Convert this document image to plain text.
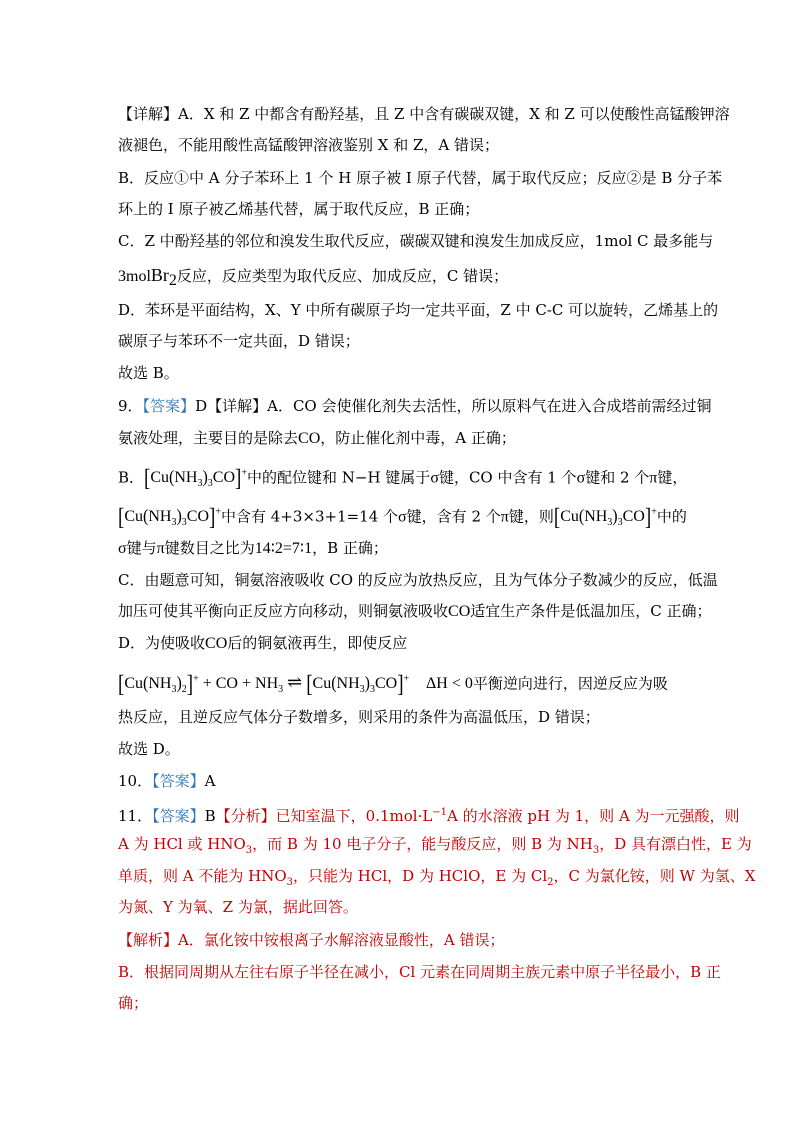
【详解】A．X 和 Z 中都含有酚羟基，且 Z 中含有碳碳双键，X 和 Z 可以使酸性高锰酸钾溶
液褪色，不能用酸性高锰酸钾溶液鉴别 X 和 Z，A 错误；
B．反应①中 A 分子苯环上 1 个 H 原子被 I 原子代替，属于取代反应；反应②是 B 分子苯
环上的 I 原子被乙烯基代替，属于取代反应，B 正确；
C．Z 中酚羟基的邻位和溴发生取代反应，碳碳双键和溴发生加成反应，1mol C 最多能与
3molBr$_2$反应，反应类型为取代反应、加成反应，C 错误；
D．苯环是平面结构，X、Y 中所有碳原子均一定共平面，Z 中 C-C 可以旋转，乙烯基上的
碳原子与苯环不一定共面，D 错误；
故选 B。
9．【答案】D【详解】A．CO 会使催化剂失去活性，所以原料气在进入合成塔前需经过铜
氨液处理，主要目的是除去CO，防止催化剂中毒，A 正确；
B．$[Cu(NH_3)_3CO]^+$中的配位键和 N−H 键属于σ键，CO 中含有 1 个σ键和 2 个π键，
$[Cu(NH_3)_3CO]^+$中含有 4+3×3+1=14 个σ键，含有 2 个π键，则$[Cu(NH_3)_3CO]^+$中的
σ键与π键数目之比为14∶2=7∶1，B 正确；
C．由题意可知，铜氨溶液吸收 CO 的反应为放热反应，且为气体分子数减少的反应，低温
加压可使其平衡向正反应方向移动，则铜氨液吸收CO适宜生产条件是低温加压，C 正确；
D．为使吸收CO后的铜氨液再生，即使反应
$[Cu(NH_3)_2]^+$ + CO + $NH_3$ ⇌ $[Cu(NH_3)_3CO]^+$ ΔH < 0平衡逆向进行，因逆反应为吸
热反应，且逆反应气体分子数增多，则采用的条件为高温低压，D 错误；
故选 D。
10．【答案】A
11．【答案】B【分析】已知室温下，$0.1mol\cdot L^{-1}A$ 的水溶液 pH 为 1，则 A 为一元强酸，则
A 为 HCl 或 $HNO_3$，而 B 为 10 电子分子，能与酸反应，则 B 为 $NH_3$，D 具有漂白性，E 为
单质，则 A 不能为 $HNO_3$，只能为 HCl，D 为 HClO，E 为 $Cl_2$，C 为氯化铵，则 W 为氢、X
为氮、Y 为氧、Z 为氯，据此回答。
【解析】A．氯化铵中铵根离子水解溶液显酸性，A 错误；
B．根据同周期从左往右原子半径在减小，Cl 元素在同周期主族元素中原子半径最小，B 正
确；
